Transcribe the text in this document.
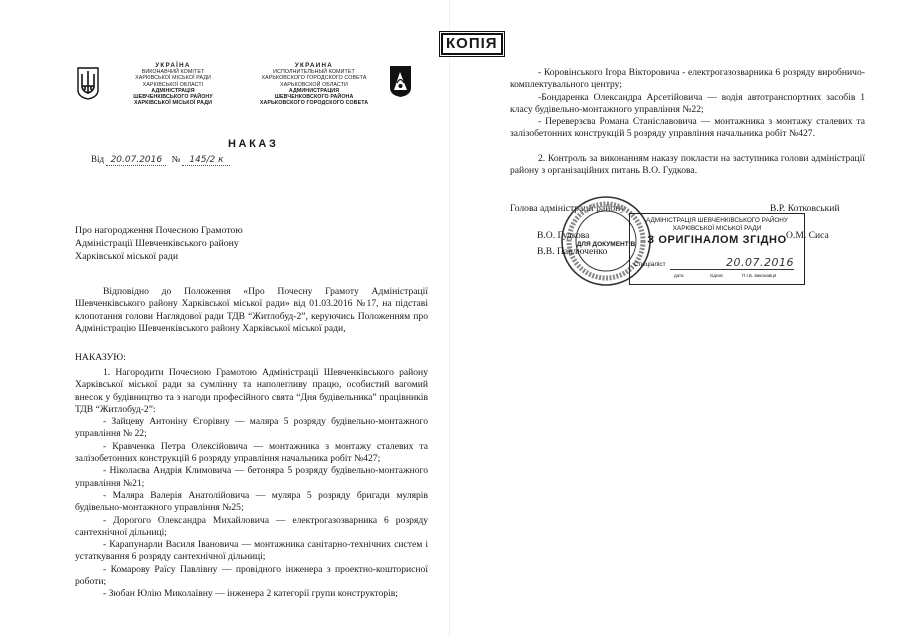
УКРАЇНА
ВИКОНАВЧИЙ КОМІТЕТ
ХАРКІВСЬКОЇ МІСЬКОЇ РАДИ
ХАРКІВСЬКОЇ ОБЛАСТІ
АДМІНІСТРАЦІЯ
ШЕВЧЕНКІВСЬКОГО РАЙОНУ
ХАРКІВСЬКОЇ МІСЬКОЇ РАДИ
УКРАИНА
ИСПОЛНИТЕЛЬНЫЙ КОМИТЕТ
ХАРЬКОВСКОГО ГОРОДСКОГО СОВЕТА
ХАРЬКОВСКОЙ ОБЛАСТИ
АДМИНИСТРАЦИЯ
ШЕВЧЕНКОВСКОГО РАЙОНА
ХАРЬКОВСКОГО ГОРОДСКОГО СОВЕТА
НАКАЗ
Від 20.07.2016 № 145/2 к
Про нагородження Почесною Грамотою
Адміністрації Шевченківського району
Харківської міської ради

Відповідно до Положення «Про Почесну Грамоту Адміністрації Шевченківського району Харківської міської ради» від 01.03.2016 №17, на підставі клопотання голови Наглядової ради ТДВ “Житлобуд-2”, керуючись Положенням про Адміністрацію Шевченківського району Харківської міської ради,

НАКАЗУЮ:

1. Нагородити Почесною Грамотою Адміністрації Шевченківського району Харківської міської ради за сумлінну та наполегливу працю, особистий вагомий внесок у будівництво та з нагоди професійного свята “Дня будівельника” працівників ТДВ “Житлобуд-2”:

- Зайцеву Антоніну Єгорівну — маляра 5 розряду будівельно-монтажного управління № 22;

- Кравченка Петра Олексійовича — монтажника з монтажу сталевих та залізобетонних конструкцій 6 розряду управління начальника робіт №427;

- Ніколаєва Андрія Климовича — бетоняра 5 розряду будівельно-монтажного управління №21;

- Маляра Валерія Анатолійовича — муляра 5 розряду бригади мулярів будівельно-монтажного управління №25;

- Дорогого Олександра Михайловича — електрогазозварника 6 розряду сантехнічної дільниці;

- Карапунарли Василя Івановича — монтажника санітарно-технічних систем і устаткування 6 розряду сантехнічної дільниці;

- Комарову Раїсу Павлівну — провідного інженера з проектно-кошторисної роботи;

- Зюбан Юлію Миколаївну — інженера 2 категорії групи конструкторів;

КОПІЯ

- Коровінського Ігора Вікторовича - електрогазозварника 6 розряду виробничо-комплектувального центру;

-Бондаренка Олександра Арсетійовича — водія автотранспортних засобів 1 класу будівельно-монтажного управління №22;

- Переверзєва Романа Станіславовича — монтажника з монтажу сталевих та залізобетонних конструкцій 5 розряду управління начальника робіт №427.

2. Контроль за виконанням наказу покласти на заступника голови адміністрації району з організаційних питань В.О. Гудкова.

Голова адміністрації району	В.Р. Котковський
ДЛЯ ДОКУМЕНТІВ
В.О. Гудкова
В.В. Павлюченко
О.М. Сиса
АДМІНІСТРАЦІЯ ШЕВЧЕНКІВСЬКОГО РАЙОНУ
ХАРКІВСЬКОЇ МІСЬКОЇ РАДИ
З ОРИГІНАЛОМ ЗГІДНО
Спеціаліст	20.07.2016
дата	підпис	П.І.Б. виконавця
